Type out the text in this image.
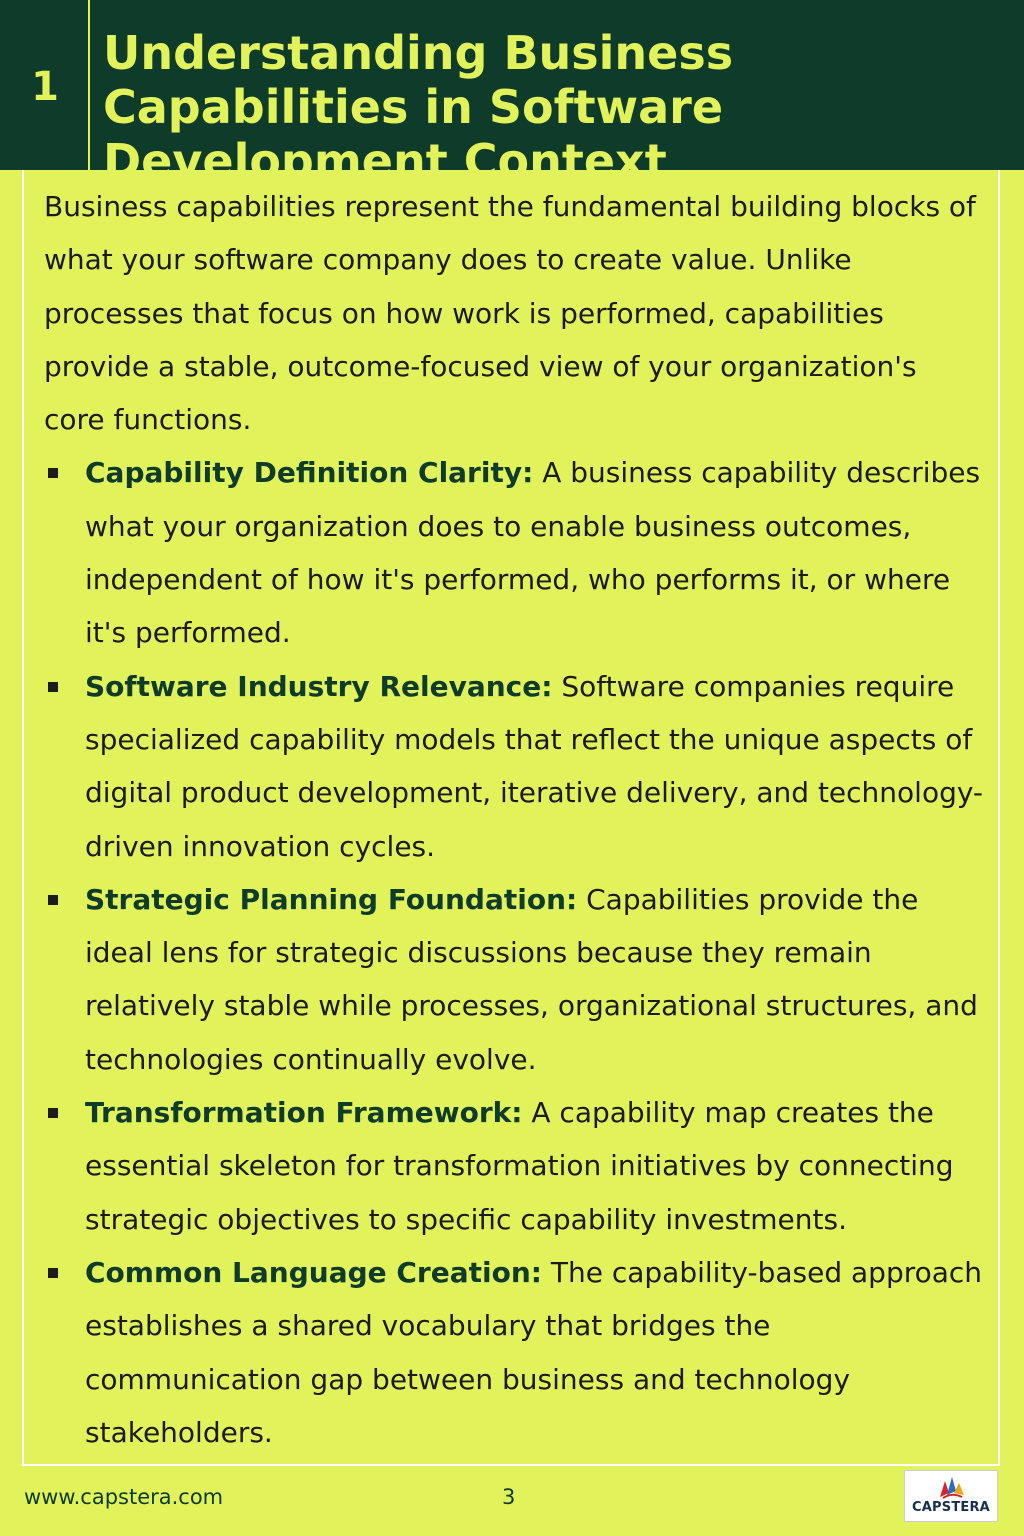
1
Understanding Business Capabilities in Software Development Context

Business capabilities represent the fundamental building blocks of what your software company does to create value. Unlike processes that focus on how work is performed, capabilities provide a stable, outcome-focused view of your organization's core functions.

Capability Definition Clarity: A business capability describes what your organization does to enable business outcomes, independent of how it's performed, who performs it, or where it's performed.
Software Industry Relevance: Software companies require specialized capability models that reflect the unique aspects of digital product development, iterative delivery, and technology-driven innovation cycles.
Strategic Planning Foundation: Capabilities provide the ideal lens for strategic discussions because they remain relatively stable while processes, organizational structures, and technologies continually evolve.
Transformation Framework: A capability map creates the essential skeleton for transformation initiatives by connecting strategic objectives to specific capability investments.
Common Language Creation: The capability-based approach establishes a shared vocabulary that bridges the communication gap between business and technology stakeholders.
www.capstera.com	3	CAPSTERA
